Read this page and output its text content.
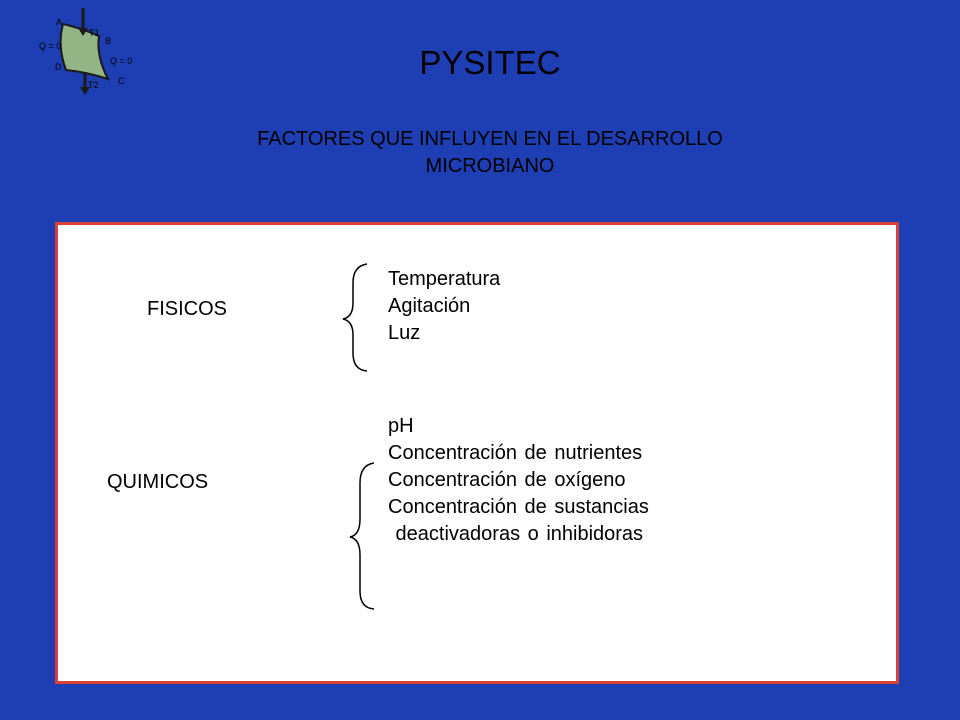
A
B
C
D
T1
T2
Q = 0
Q = 0	PYSITEC
FACTORES QUE INFLUYEN EN EL DESARROLLO
MICROBIANO
FISICOS
Temperatura
Agitación
Luz
QUIMICOS
pH
Concentración de nutrientes
Concentración de oxígeno
Concentración de sustancias
deactivadoras o inhibidoras
